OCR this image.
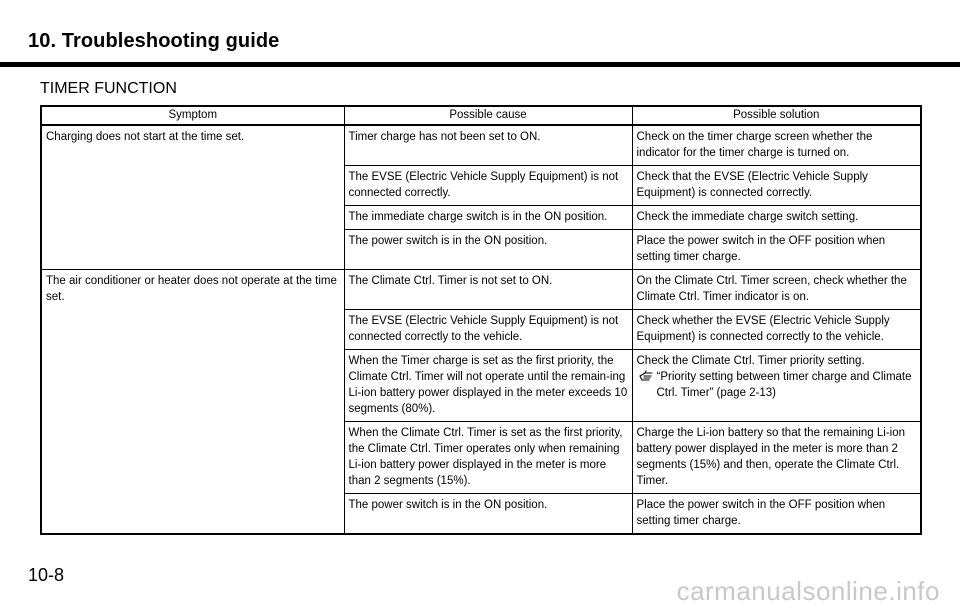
10. Troubleshooting guide
TIMER FUNCTION
Symptom	Possible cause	Possible solution
Charging does not start at the time set.	Timer charge has not been set to ON.	Check on the timer charge screen whether the indicator for the timer charge is turned on.
	The EVSE (Electric Vehicle Supply Equipment) is not connected correctly.	Check that the EVSE (Electric Vehicle Supply Equipment) is connected correctly.
	The immediate charge switch is in the ON position.	Check the immediate charge switch setting.
	The power switch is in the ON position.	Place the power switch in the OFF position when setting timer charge.
The air conditioner or heater does not operate at the time set.	The Climate Ctrl. Timer is not set to ON.	On the Climate Ctrl. Timer screen, check whether the Climate Ctrl. Timer indicator is on.
	The EVSE (Electric Vehicle Supply Equipment) is not connected correctly to the vehicle.	Check whether the EVSE (Electric Vehicle Supply Equipment) is connected correctly to the vehicle.
	When the Timer charge is set as the first priority, the Climate Ctrl. Timer will not operate until the remain-ing Li-ion battery power displayed in the meter exceeds 10 segments (80%).	Check the Climate Ctrl. Timer priority setting.
“Priority setting between timer charge and Climate Ctrl. Timer” (page 2-13)

	When the Climate Ctrl. Timer is set as the first priority, the Climate Ctrl. Timer operates only when remaining Li-ion battery power displayed in the meter is more than 2 segments (15%).	Charge the Li-ion battery so that the remaining Li-ion battery power displayed in the meter is more than 2 segments (15%) and then, operate the Climate Ctrl. Timer.
	The power switch is in the ON position.	Place the power switch in the OFF position when setting timer charge.
10-8
carmanualsonline.info
